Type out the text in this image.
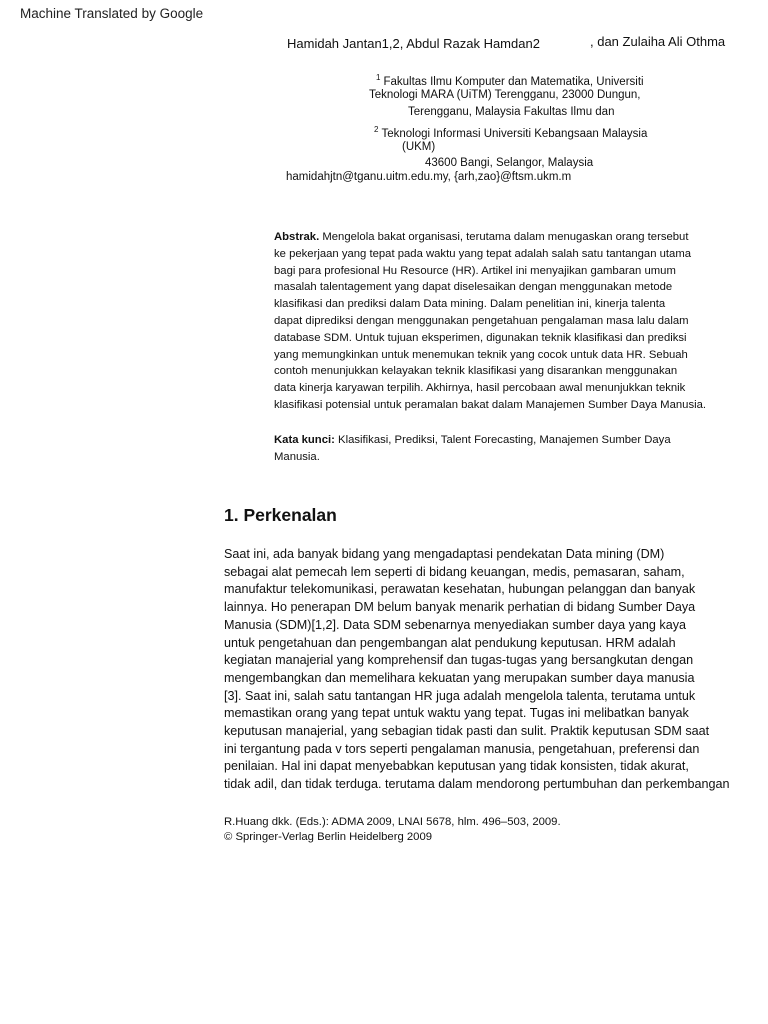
Machine Translated by Google
Hamidah Jantan1,2, Abdul Razak Hamdan2	, dan Zulaiha Ali Othma
$^1$ Fakultas Ilmu Komputer dan Matematika, Universiti
Teknologi MARA (UiTM) Terengganu, 23000 Dungun,
Terengganu, Malaysia Fakultas Ilmu dan
$^2$ Teknologi Informasi Universiti Kebangsaan Malaysia
(UKM)
43600 Bangi, Selangor, Malaysia
hamidahjtn@tganu.uitm.edu.my, {arh,zao}@ftsm.ukm.m
Abstrak. Mengelola bakat organisasi, terutama dalam menugaskan orang tersebut
ke pekerjaan yang tepat pada waktu yang tepat adalah salah satu tantangan utama
bagi para profesional Hu Resource (HR). Artikel ini menyajikan gambaran umum
masalah talentagement yang dapat diselesaikan dengan menggunakan metode
klasifikasi dan prediksi dalam Data mining. Dalam penelitian ini, kinerja talenta
dapat diprediksi dengan menggunakan pengetahuan pengalaman masa lalu dalam
database SDM. Untuk tujuan eksperimen, digunakan teknik klasifikasi dan prediksi
yang memungkinkan untuk menemukan teknik yang cocok untuk data HR. Sebuah
contoh menunjukkan kelayakan teknik klasifikasi yang disarankan menggunakan
data kinerja karyawan terpilih. Akhirnya, hasil percobaan awal menunjukkan teknik
klasifikasi potensial untuk peramalan bakat dalam Manajemen Sumber Daya Manusia.
Kata kunci: Klasifikasi, Prediksi, Talent Forecasting, Manajemen Sumber Daya
Manusia.
1. Perkenalan
Saat ini, ada banyak bidang yang mengadaptasi pendekatan Data mining (DM)
sebagai alat pemecah lem seperti di bidang keuangan, medis, pemasaran, saham,
manufaktur telekomunikasi, perawatan kesehatan, hubungan pelanggan dan banyak
lainnya. Ho penerapan DM belum banyak menarik perhatian di bidang Sumber Daya
Manusia (SDM)[1,2]. Data SDM sebenarnya menyediakan sumber daya yang kaya
untuk pengetahuan dan pengembangan alat pendukung keputusan. HRM adalah
kegiatan manajerial yang komprehensif dan tugas-tugas yang bersangkutan dengan
mengembangkan dan memelihara kekuatan yang merupakan sumber daya manusia
[3]. Saat ini, salah satu tantangan HR juga adalah mengelola talenta, terutama untuk
memastikan orang yang tepat untuk waktu yang tepat. Tugas ini melibatkan banyak
keputusan manajerial, yang sebagian tidak pasti dan sulit. Praktik keputusan SDM saat
ini tergantung pada v tors seperti pengalaman manusia, pengetahuan, preferensi dan
penilaian. Hal ini dapat menyebabkan keputusan yang tidak konsisten, tidak akurat,
tidak adil, dan tidak terduga. terutama dalam mendorong pertumbuhan dan perkembangan
R.Huang dkk. (Eds.): ADMA 2009, LNAI 5678, hlm. 496–503, 2009.
© Springer-Verlag Berlin Heidelberg 2009
